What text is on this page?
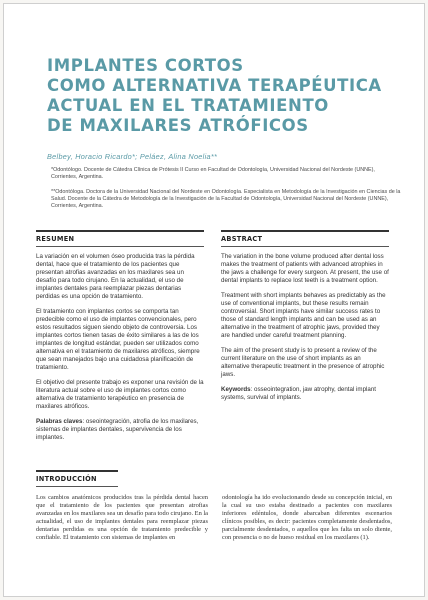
IMPLANTES CORTOS
COMO ALTERNATIVA TERAPÉUTICA
ACTUAL EN EL TRATAMIENTO
DE MAXILARES ATRÓFICOS
Belbey, Horacio Ricardo*; Peláez, Alina Noelia**
*Odontólogo. Docente de Cátedra Clínica de Prótesis II Curso en Facultad de Odontología, Universidad Nacional del Nordeste (UNNE), Corrientes, Argentina.
**Odontóloga. Doctora de la Universidad Nacional del Nordeste en Odontología. Especialista en Metodología de la Investigación en Ciencias de la Salud. Docente de la Cátedra de Metodología de la Investigación de la Facultad de Odontología, Universidad Nacional del Nordeste (UNNE), Corrientes, Argentina.
RESUMEN	ABSTRACT

La variación en el volumen óseo producida tras la pérdida dental, hace que el tratamiento de los pacientes que presentan atrofias avanzadas en los maxilares sea un desafío para todo cirujano. En la actualidad, el uso de implantes dentales para reemplazar piezas dentarias perdidas es una opción de tratamiento.

El tratamiento con implantes cortos se comporta tan predecible como el uso de implantes convencionales, pero estos resultados siguen siendo objeto de controversia. Los implantes cortos tienen tasas de éxito similares a las de los implantes de longitud estándar, pueden ser utilizados como alternativa en el tratamiento de maxilares atróficos, siempre que sean manejados bajo una cuidadosa planificación de tratamiento.

El objetivo del presente trabajo es exponer una revisión de la literatura actual sobre el uso de implantes cortos como alternativa de tratamiento terapéutico en presencia de maxilares atróficos.

Palabras claves: oseointegración, atrofia de los maxilares, sistemas de implantes dentales, supervivencia de los implantes.

The variation in the bone volume produced after dental loss makes the treatment of patients with advanced atrophies in the jaws a challenge for every surgeon. At present, the use of dental implants to replace lost teeth is a treatment option.

Treatment with short implants behaves as predictably as the use of conventional implants, but these results remain controversial. Short implants have similar success rates to those of standard length implants and can be used as an alternative in the treatment of atrophic jaws, provided they are handled under careful treatment planning.

The aim of the present study is to present a review of the current literature on the use of short implants as an alternative therapeutic treatment in the presence of atrophic jaws.

Keywords: osseointegration, jaw atrophy, dental implant systems, survival of implants.

INTRODUCCIÓN
Los cambios anatómicos producidos tras la pérdida dental hacen que el tratamiento de los pacientes que presentan atrofias avanzadas en los maxilares sea un desafío para todo cirujano. En la actualidad, el uso de implantes dentales para reemplazar piezas dentarias perdidas es una opción de tratamiento predecible y confiable. El tratamiento con sistemas de implantes en
odontología ha ido evolucionando desde su concepción inicial, en la cual su uso estaba destinado a pacientes con maxilares inferiores edéntulos, donde abarcaban diferentes escenarios clínicos posibles, es decir: pacientes completamente desdentados, parcialmente desdentados, o aquellos que les falta un solo diente, con presencia o no de hueso residual en los maxilares (1).
